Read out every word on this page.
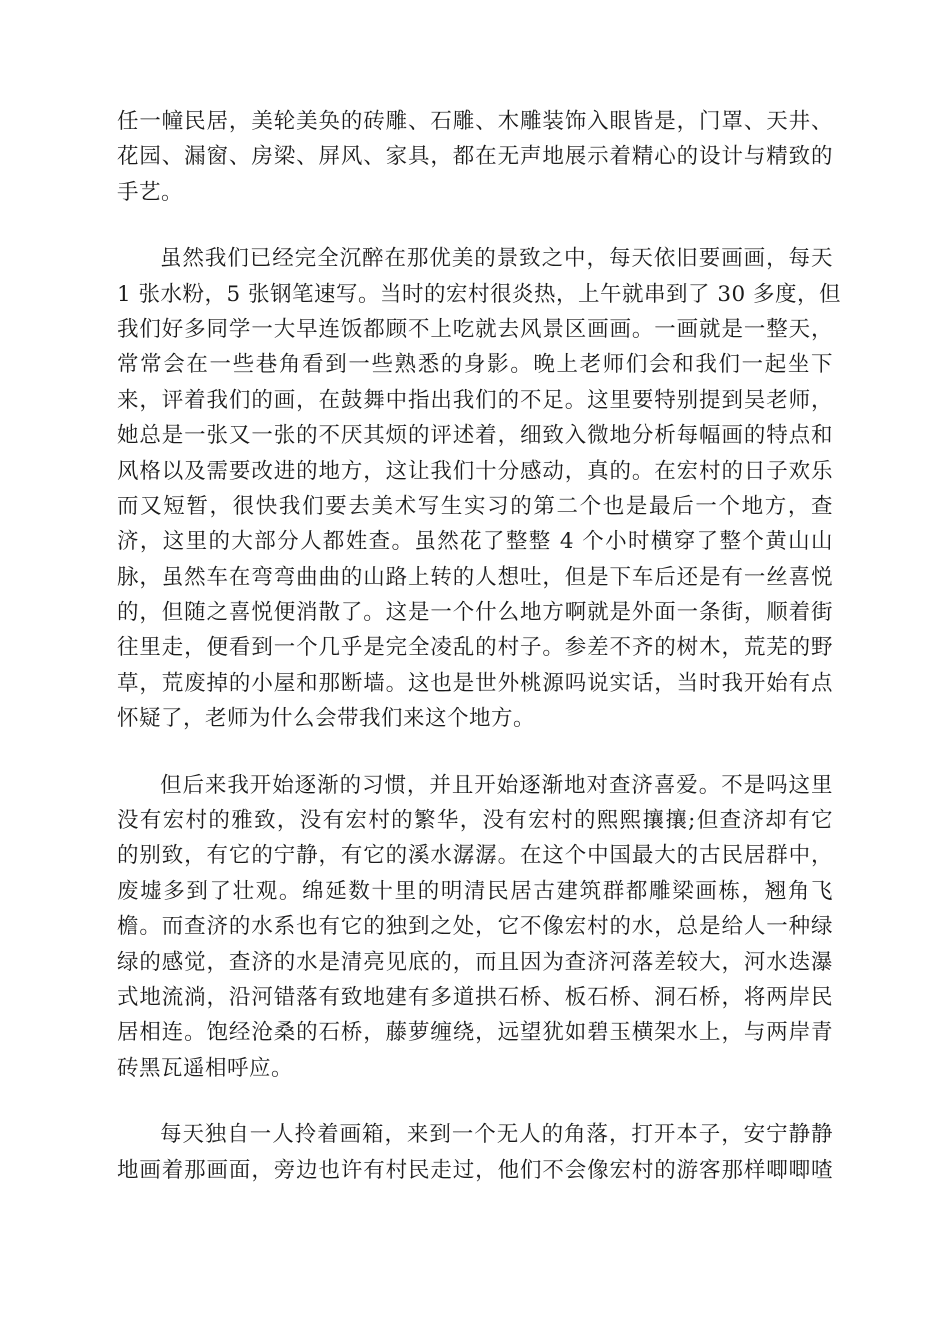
任一幢民居，美轮美奂的砖雕、石雕、木雕装饰入眼皆是，门罩、天井、
花园、漏窗、房梁、屏风、家具，都在无声地展示着精心的设计与精致的
手艺。
虽然我们已经完全沉醉在那优美的景致之中，每天依旧要画画，每天
1 张水粉，5 张钢笔速写。当时的宏村很炎热，上午就串到了 30 多度，但
我们好多同学一大早连饭都顾不上吃就去风景区画画。一画就是一整天，
常常会在一些巷角看到一些熟悉的身影。晚上老师们会和我们一起坐下
来，评着我们的画，在鼓舞中指出我们的不足。这里要特别提到吴老师，
她总是一张又一张的不厌其烦的评述着，细致入微地分析每幅画的特点和
风格以及需要改进的地方，这让我们十分感动，真的。在宏村的日子欢乐
而又短暂，很快我们要去美术写生实习的第二个也是最后一个地方，查
济，这里的大部分人都姓查。虽然花了整整 4 个小时横穿了整个黄山山
脉，虽然车在弯弯曲曲的山路上转的人想吐，但是下车后还是有一丝喜悦
的，但随之喜悦便消散了。这是一个什么地方啊就是外面一条街，顺着街
往里走，便看到一个几乎是完全凌乱的村子。参差不齐的树木，荒芜的野
草，荒废掉的小屋和那断墙。这也是世外桃源吗说实话，当时我开始有点
怀疑了，老师为什么会带我们来这个地方。
但后来我开始逐渐的习惯，并且开始逐渐地对查济喜爱。不是吗这里
没有宏村的雅致，没有宏村的繁华，没有宏村的熙熙攘攘;但查济却有它
的别致，有它的宁静，有它的溪水潺潺。在这个中国最大的古民居群中，
废墟多到了壮观。绵延数十里的明清民居古建筑群都雕梁画栋，翘角飞
檐。而查济的水系也有它的独到之处，它不像宏村的水，总是给人一种绿
绿的感觉，查济的水是清亮见底的，而且因为查济河落差较大，河水迭瀑
式地流淌，沿河错落有致地建有多道拱石桥、板石桥、洞石桥，将两岸民
居相连。饱经沧桑的石桥，藤萝缠绕，远望犹如碧玉横架水上，与两岸青
砖黑瓦遥相呼应。
每天独自一人拎着画箱，来到一个无人的角落，打开本子，安宁静静
地画着那画面，旁边也许有村民走过，他们不会像宏村的游客那样唧唧喳
